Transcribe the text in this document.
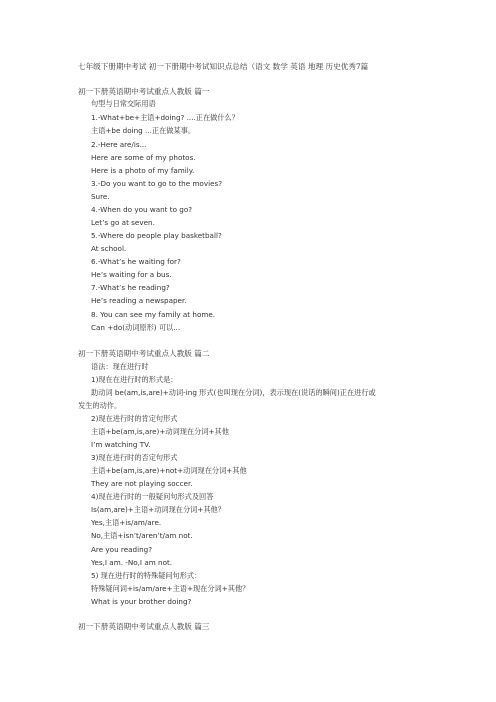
七年级下册期中考试 初一下册期中考试知识点总结（语文 数学 英语 地理 历史优秀7篇
初一下册英语期中考试重点人教版 篇一
句型与日常交际用语
1.-What+be+主语+doing? ....正在做什么？
主语+be doing ...正在做某事。
2.-Here are/is...
Here are some of my photos.
Here is a photo of my family.
3.-Do you want to go to the movies?
Sure.
4.-When do you want to go?
Let’s go at seven.
5.-Where do people play basketball?
At school.
6.-What’s he waiting for?
He’s waiting for a bus.
7.-What’s he reading?
He’s reading a newspaper.
8. You can see my family at home.
Can +do(动词原形) 可以...
初一下册英语期中考试重点人教版 篇二
语法：现在进行时
1)现在在进行时的形式是：
助动词 be(am,is,are)+动词-ing 形式(也叫现在分词)，表示现在(说话的瞬间)正在进行或
发生的动作。
2)现在进行时的肯定句形式
主语+be(am,is,are)+动词现在分词+其他
I’m watching TV.
3)现在进行时的否定句形式
主语+be(am,is,are)+not+动词现在分词+其他
They are not playing soccer.
4)现在进行时的一般疑问句形式及回答
Is(am,are)+主语+动词现在分词+其他？
Yes,主语+is/am/are.
No,主语+isn’t/aren’t/am not.
Are you reading?
Yes,I am. -No,I am not.
5) 现在进行时的特殊疑问句形式：
特殊疑问词+is/am/are+主语+现在分词+其他？
What is your brother doing?
初一下册英语期中考试重点人教版 篇三
